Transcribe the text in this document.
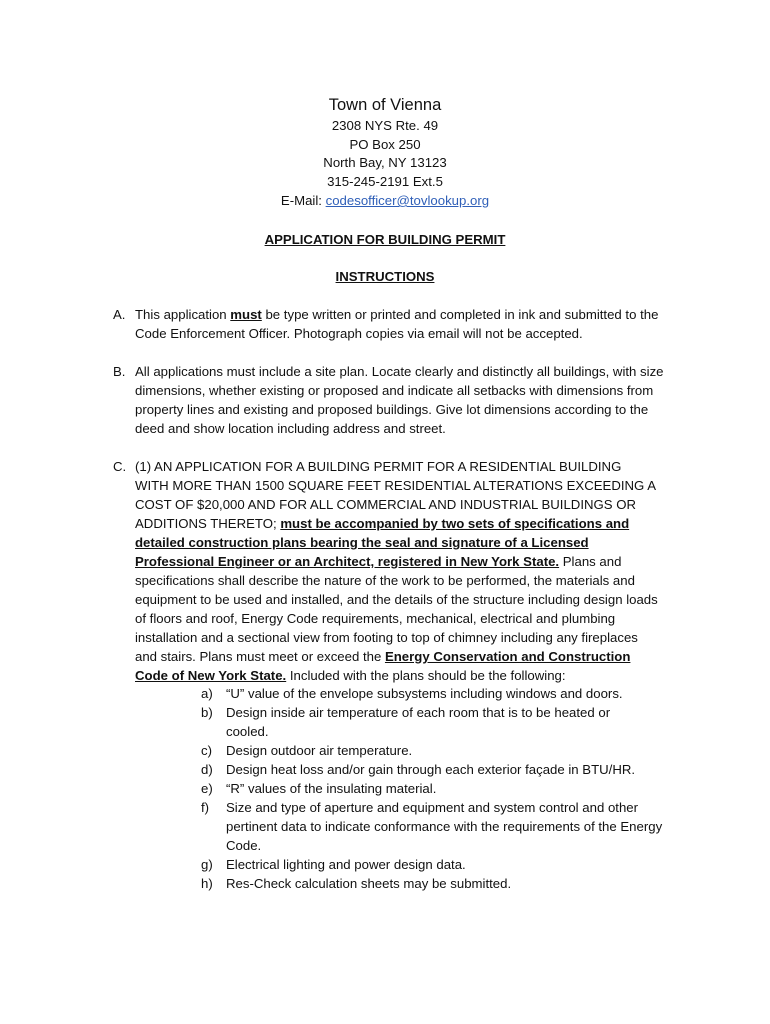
Town of Vienna
2308 NYS Rte. 49
PO Box 250
North Bay, NY 13123
315-245-2191 Ext.5
E-Mail: codesofficer@tovlookup.org
APPLICATION FOR BUILDING PERMIT
INSTRUCTIONS
A. This application must be type written or printed and completed in ink and submitted to the Code Enforcement Officer. Photograph copies via email will not be accepted.
B. All applications must include a site plan. Locate clearly and distinctly all buildings, with size dimensions, whether existing or proposed and indicate all setbacks with dimensions from property lines and existing and proposed buildings. Give lot dimensions according to the deed and show location including address and street.
C. (1) AN APPLICATION FOR A BUILDING PERMIT FOR A RESIDENTIAL BUILDING WITH MORE THAN 1500 SQUARE FEET RESIDENTIAL ALTERATIONS EXCEEDING A COST OF $20,000 AND FOR ALL COMMERCIAL AND INDUSTRIAL BUILDINGS OR ADDITIONS THERETO; must be accompanied by two sets of specifications and detailed construction plans bearing the seal and signature of a Licensed Professional Engineer or an Architect, registered in New York State. Plans and specifications shall describe the nature of the work to be performed, the materials and equipment to be used and installed, and the details of the structure including design loads of floors and roof, Energy Code requirements, mechanical, electrical and plumbing installation and a sectional view from footing to top of chimney including any fireplaces and stairs. Plans must meet or exceed the Energy Conservation and Construction Code of New York State. Included with the plans should be the following:
a) “U” value of the envelope subsystems including windows and doors.
b) Design inside air temperature of each room that is to be heated or cooled.
c) Design outdoor air temperature.
d) Design heat loss and/or gain through each exterior façade in BTU/HR.
e) “R” values of the insulating material.
f) Size and type of aperture and equipment and system control and other pertinent data to indicate conformance with the requirements of the Energy Code.
g) Electrical lighting and power design data.
h) Res-Check calculation sheets may be submitted.
